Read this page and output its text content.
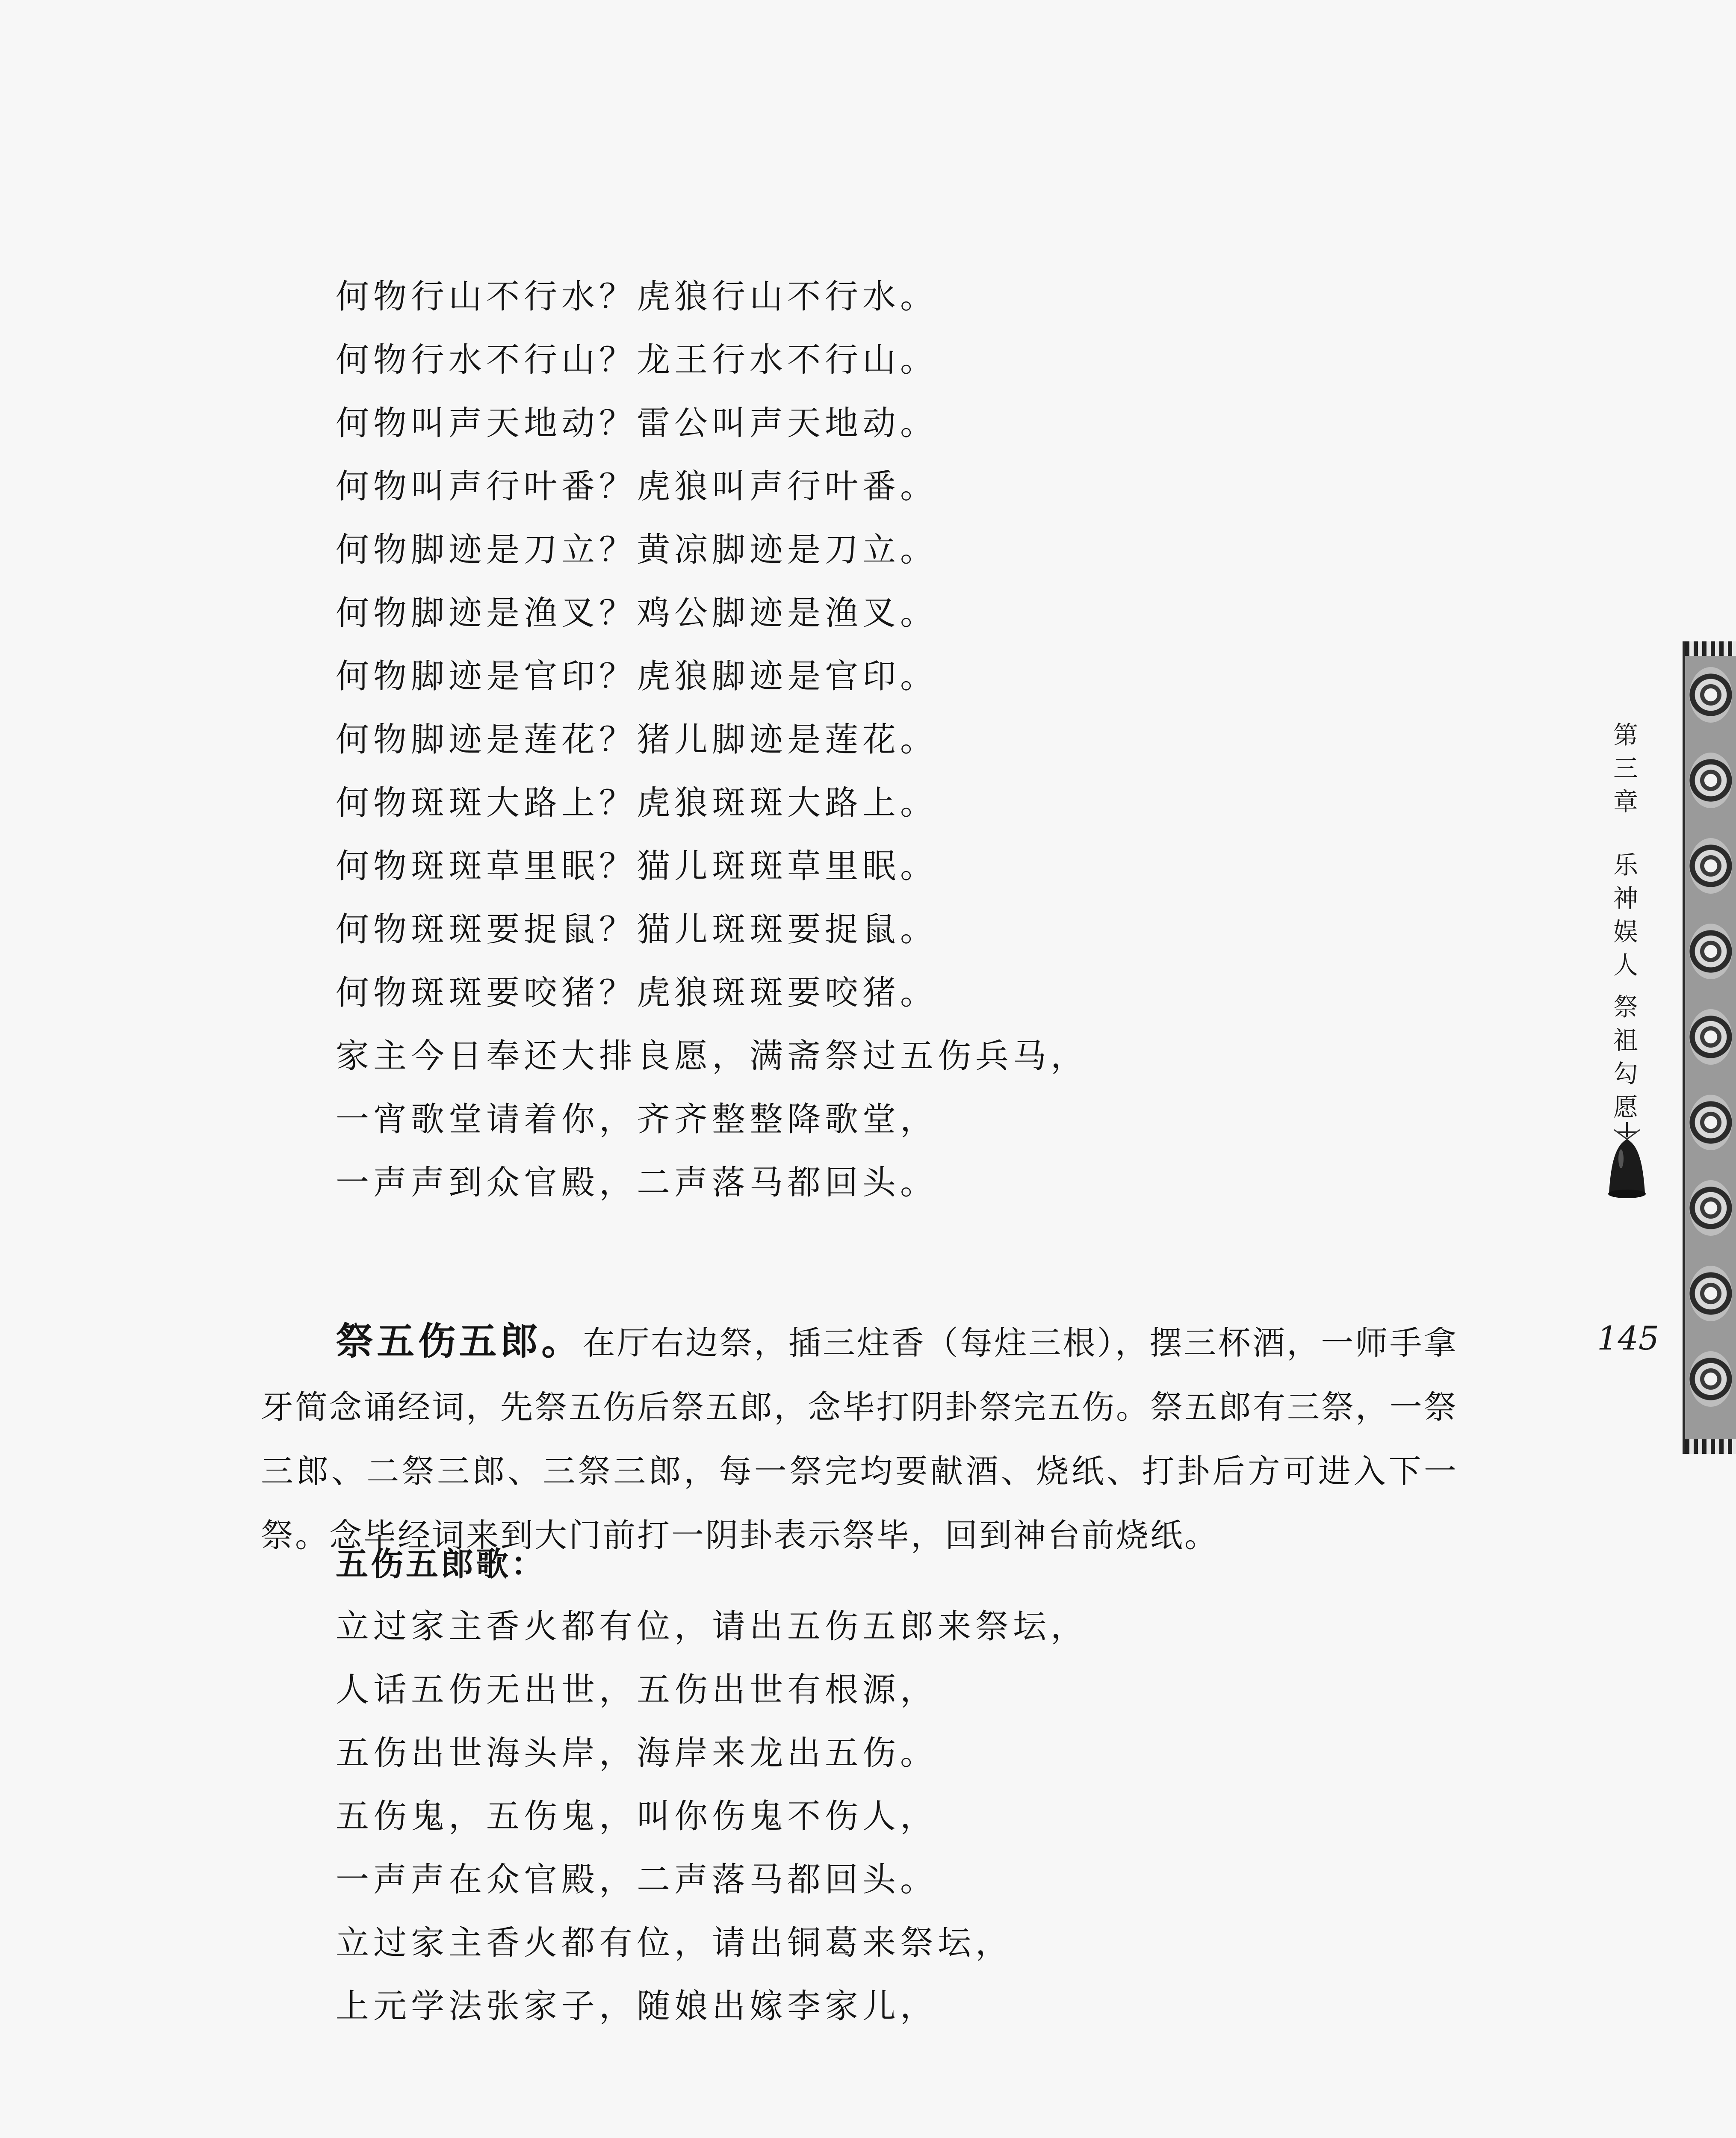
何物行山不行水？虎狼行山不行水。
何物行水不行山？龙王行水不行山。
何物叫声天地动？雷公叫声天地动。
何物叫声行叶番？虎狼叫声行叶番。
何物脚迹是刀立？黄凉脚迹是刀立。
何物脚迹是渔叉？鸡公脚迹是渔叉。
何物脚迹是官印？虎狼脚迹是官印。
何物脚迹是莲花？猪儿脚迹是莲花。
何物斑斑大路上？虎狼斑斑大路上。
何物斑斑草里眠？猫儿斑斑草里眠。
何物斑斑要捉鼠？猫儿斑斑要捉鼠。
何物斑斑要咬猪？虎狼斑斑要咬猪。
家主今日奉还大排良愿，满斋祭过五伤兵马，
一宵歌堂请着你，齐齐整整降歌堂，
一声声到众官殿，二声落马都回头。

祭五伤五郎。在厅右边祭，插三炷香（每炷三根），摆三杯酒，一师手拿牙简念诵经词，先祭五伤后祭五郎，念毕打阴卦祭完五伤。祭五郎有三祭，一祭三郎、二祭三郎、三祭三郎，每一祭完均要献酒、烧纸、打卦后方可进入下一祭。念毕经词来到大门前打一阴卦表示祭毕，回到神台前烧纸。

五伤五郎歌：
立过家主香火都有位，请出五伤五郎来祭坛，
人话五伤无出世，五伤出世有根源，
五伤出世海头岸，海岸来龙出五伤。
五伤鬼，五伤鬼，叫你伤鬼不伤人，
一声声在众官殿，二声落马都回头。
立过家主香火都有位，请出铜葛来祭坛，
上元学法张家子，随娘出嫁李家儿，
第
三
章
乐
神
娱
人
祭
祖
勾
愿
145
